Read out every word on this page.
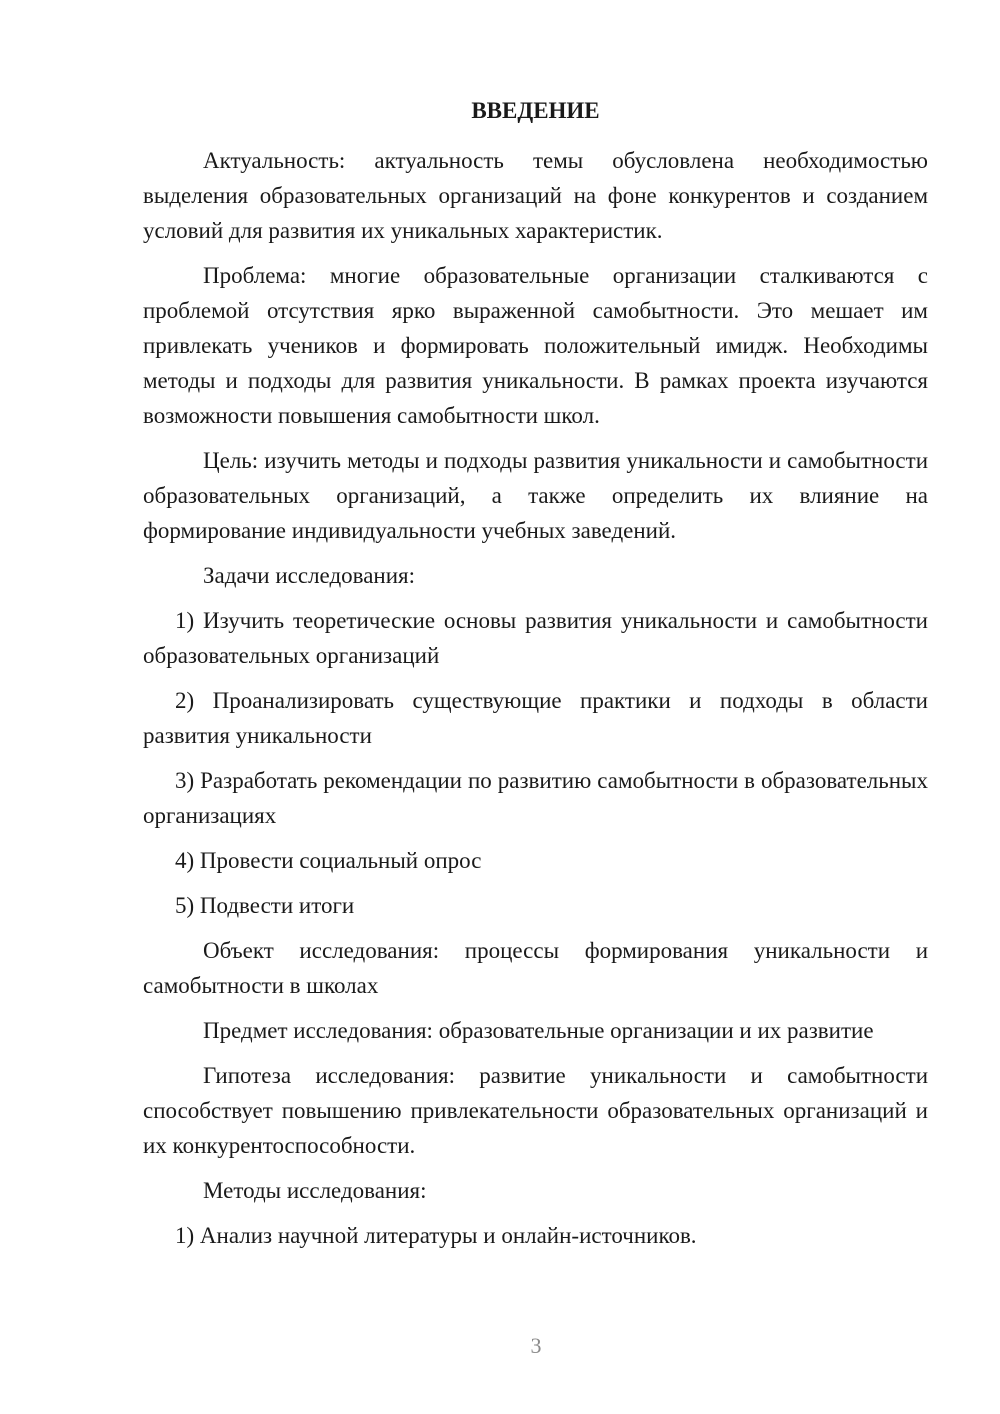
ВВЕДЕНИЕ

Актуальность: актуальность темы обусловлена необходимостью выделения образовательных организаций на фоне конкурентов и созданием условий для развития их уникальных характеристик.

Проблема: многие образовательные организации сталкиваются с проблемой отсутствия ярко выраженной самобытности. Это мешает им привлекать учеников и формировать положительный имидж. Необходимы методы и подходы для развития уникальности. В рамках проекта изучаются возможности повышения самобытности школ.

Цель: изучить методы и подходы развития уникальности и самобытности образовательных организаций, а также определить их влияние на формирование индивидуальности учебных заведений.

Задачи исследования:

1) Изучить теоретические основы развития уникальности и самобытности образовательных организаций

2) Проанализировать существующие практики и подходы в области развития уникальности

3) Разработать рекомендации по развитию самобытности в образовательных организациях

4) Провести социальный опрос

5) Подвести итоги

Объект исследования: процессы формирования уникальности и самобытности в школах

Предмет исследования: образовательные организации и их развитие

Гипотеза исследования: развитие уникальности и самобытности способствует повышению привлекательности образовательных организаций и их конкурентоспособности.

Методы исследования:

1) Анализ научной литературы и онлайн-источников.

3
